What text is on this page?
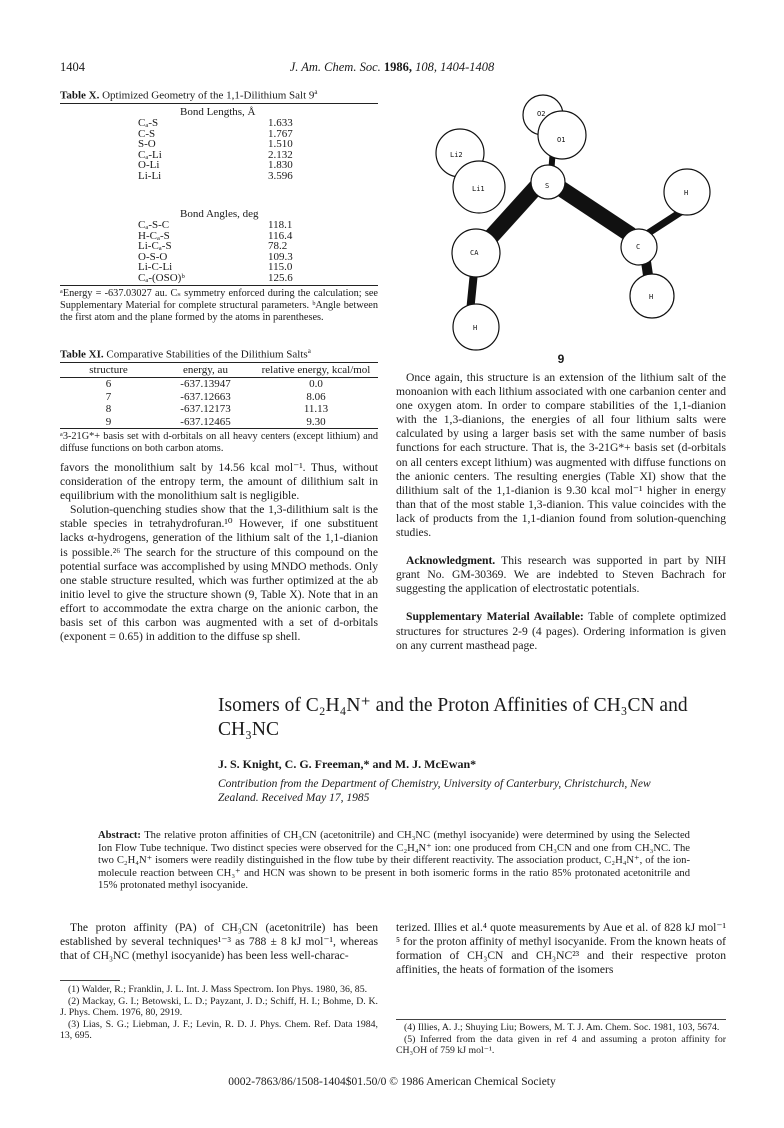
1404	J. Am. Chem. Soc. 1986, 108, 1404-1408
Table X. Optimized Geometry of the 1,1-Dilithium Salt 9$^a$
Bond Lengths, Å
Cₐ-S	1.633
C-S	1.767
S-O	1.510
Cₐ-Li	2.132
O-Li	1.830
Li-Li	3.596
Bond Angles, deg
Cₐ-S-C	118.1
H-Cₐ-S	116.4
Li-Cₐ-S	78.2
O-S-O	109.3
Li-C-Li	115.0
Cₐ-(OSO)ᵇ	125.6
ᵃEnergy = -637.03027 au. Cₛ symmetry enforced during the calculation; see Supplementary Material for complete structural parameters. ᵇAngle between the first atom and the plane formed by the atoms in parentheses.
Table XI. Comparative Stabilities of the Dilithium Salts$^a$
structure	energy, au	relative energy, kcal/mol
6	-637.13947	0.0
7	-637.12663	8.06
8	-637.12173	11.13
9	-637.12465	9.30
ᵃ3-21G*+ basis set with d-orbitals on all heavy centers (except lithium) and diffuse functions on both carbon atoms.

favors the monolithium salt by 14.56 kcal mol⁻¹. Thus, without consideration of the entropy term, the amount of dilithium salt in equilibrium with the monolithium salt is negligible.

Solution-quenching studies show that the 1,3-dilithium salt is the stable species in tetrahydrofuran.¹⁰ However, if one substituent lacks α-hydrogens, generation of the lithium salt of the 1,1-dianion is possible.²⁶ The search for the structure of this compound on the potential surface was accomplished by using MNDO methods. Only one stable structure resulted, which was further optimized at the ab initio level to give the structure shown (9, Table X). Note that in an effort to accommodate the extra charge on the anionic carbon, the basis set of this carbon was augmented with a set of d-orbitals (exponent = 0.65) in addition to the diffuse sp shell.

O2
O1
Li2
Li1	S
H
CA
C
H
H
9

Once again, this structure is an extension of the lithium salt of the monoanion with each lithium associated with one carbanion center and one oxygen atom. In order to compare stabilities of the 1,1-dianion with the 1,3-dianions, the energies of all four lithium salts were calculated by using a larger basis set with the same number of basis functions for each structure. That is, the 3-21G*+ basis set (d-orbitals on all centers except lithium) was augmented with diffuse functions on the anionic centers. The resulting energies (Table XI) show that the dilithium salt of the 1,1-dianion is 9.30 kcal mol⁻¹ higher in energy than that of the most stable 1,3-dianion. This value coincides with the lack of products from the 1,1-dianion found from solution-quenching studies.

Acknowledgment. This research was supported in part by NIH grant No. GM-30369. We are indebted to Steven Bachrach for suggesting the application of electrostatic potentials.

Supplementary Material Available: Table of complete optimized structures for structures 2-9 (4 pages). Ordering information is given on any current masthead page.

Isomers of C₂H₄N⁺ and the Proton Affinities of CH₃CN and
CH₃NC
J. S. Knight, C. G. Freeman,* and M. J. McEwan*
Contribution from the Department of Chemistry, University of Canterbury, Christchurch, New Zealand. Received May 17, 1985
Abstract: The relative proton affinities of CH₃CN (acetonitrile) and CH₃NC (methyl isocyanide) were determined by using the Selected Ion Flow Tube technique. Two distinct species were observed for the C₂H₄N⁺ ion: one produced from CH₃CN and one from CH₃NC. The two C₂H₄N⁺ isomers were readily distinguished in the flow tube by their different reactivity. The association product, C₂H₄N⁺, of the ion-molecule reaction between CH₃⁺ and HCN was shown to be present in both isomeric forms in the ratio 85% protonated acetonitrile and 15% protonated methyl isocyanide.

The proton affinity (PA) of CH₃CN (acetonitrile) has been established by several techniques¹⁻³ as 788 ± 8 kJ mol⁻¹, whereas that of CH₃NC (methyl isocyanide) has been less well-charac-

terized. Illies et al.⁴ quote measurements by Aue et al. of 828 kJ mol⁻¹ ⁵ for the proton affinity of methyl isocyanide. From the known heats of formation of CH₃CN and CH₃NC²³ and their respective proton affinities, the heats of formation of the isomers

(1) Walder, R.; Franklin, J. L. Int. J. Mass Spectrom. Ion Phys. 1980, 36, 85.

(2) Mackay, G. I.; Betowski, L. D.; Payzant, J. D.; Schiff, H. I.; Bohme, D. K. J. Phys. Chem. 1976, 80, 2919.

(3) Lias, S. G.; Liebman, J. F.; Levin, R. D. J. Phys. Chem. Ref. Data 1984, 13, 695.

(4) Illies, A. J.; Shuying Liu; Bowers, M. T. J. Am. Chem. Soc. 1981, 103, 5674.

(5) Inferred from the data given in ref 4 and assuming a proton affinity for CH₃OH of 759 kJ mol⁻¹.

0002-7863/86/1508-1404$01.50/0 © 1986 American Chemical Society
